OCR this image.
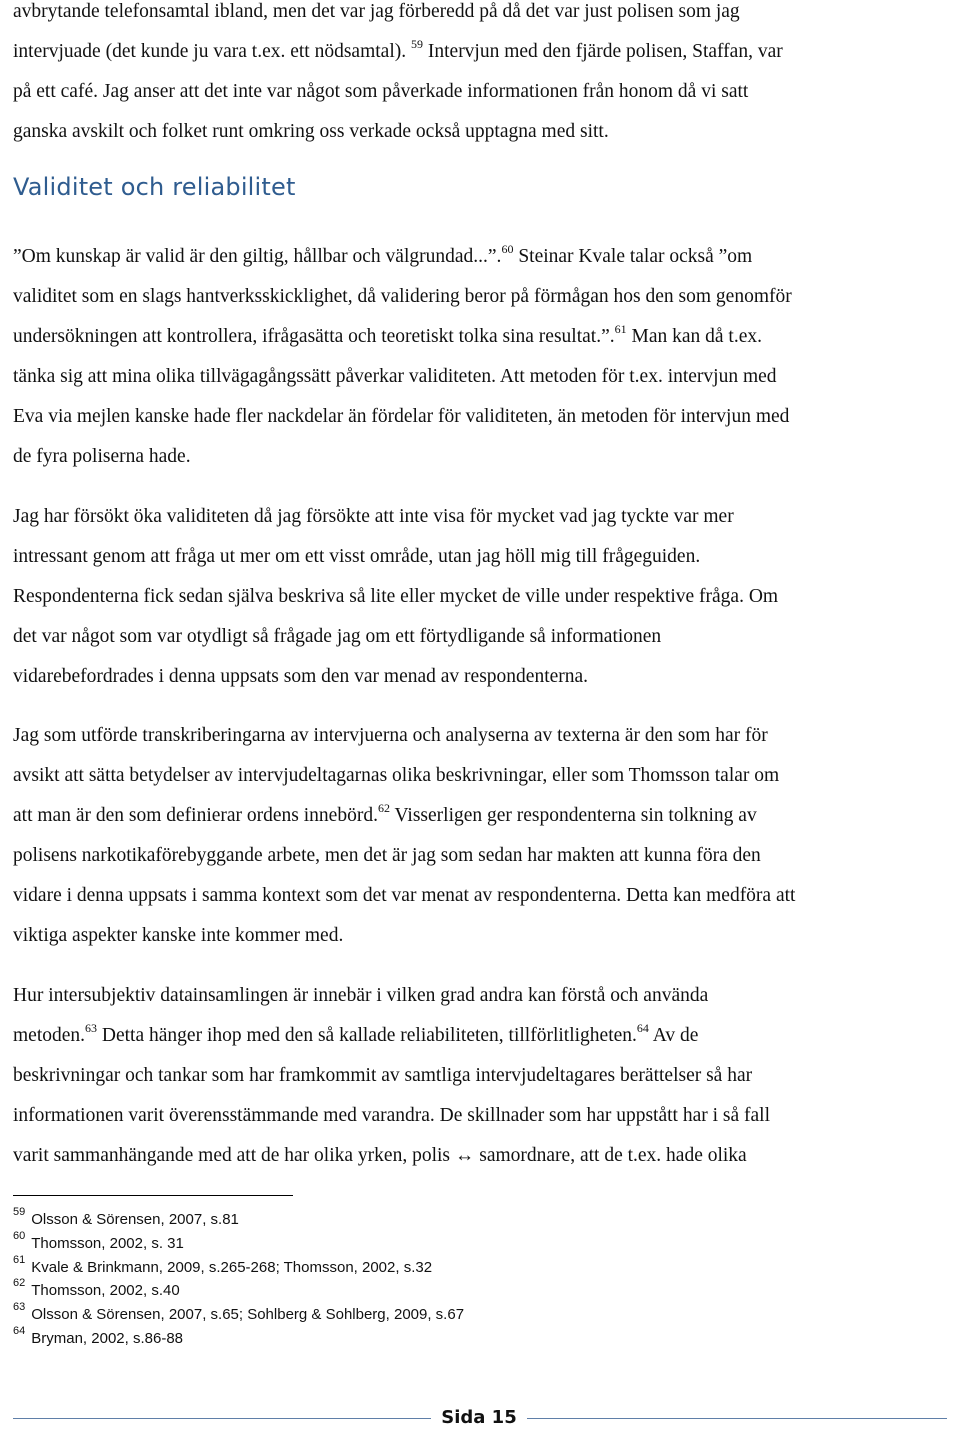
avbrytande telefonsamtal ibland, men det var jag förberedd på då det var just polisen som jag
intervjuade (det kunde ju vara t.ex. ett nödsamtal). $^{59}$ Intervjun med den fjärde polisen, Staffan, var
på ett café. Jag anser att det inte var något som påverkade informationen från honom då vi satt
ganska avskilt och folket runt omkring oss verkade också upptagna med sitt.

Validitet och reliabilitet

”Om kunskap är valid är den giltig, hållbar och välgrundad...”.$^{60}$ Steinar Kvale talar också ”om
validitet som en slags hantverksskicklighet, då validering beror på förmågan hos den som genomför
undersökningen att kontrollera, ifrågasätta och teoretiskt tolka sina resultat.”.$^{61}$ Man kan då t.ex.
tänka sig att mina olika tillvägagångssätt påverkar validiteten. Att metoden för t.ex. intervjun med
Eva via mejlen kanske hade fler nackdelar än fördelar för validiteten, än metoden för intervjun med
de fyra poliserna hade.

Jag har försökt öka validiteten då jag försökte att inte visa för mycket vad jag tyckte var mer
intressant genom att fråga ut mer om ett visst område, utan jag höll mig till frågeguiden.
Respondenterna fick sedan själva beskriva så lite eller mycket de ville under respektive fråga. Om
det var något som var otydligt så frågade jag om ett förtydligande så informationen
vidarebefordrades i denna uppsats som den var menad av respondenterna.

Jag som utförde transkriberingarna av intervjuerna och analyserna av texterna är den som har för
avsikt att sätta betydelser av intervjudeltagarnas olika beskrivningar, eller som Thomsson talar om
att man är den som definierar ordens innebörd.$^{62}$ Visserligen ger respondenterna sin tolkning av
polisens narkotikaförebyggande arbete, men det är jag som sedan har makten att kunna föra den
vidare i denna uppsats i samma kontext som det var menat av respondenterna. Detta kan medföra att
viktiga aspekter kanske inte kommer med.

Hur intersubjektiv datainsamlingen är innebär i vilken grad andra kan förstå och använda
metoden.$^{63}$ Detta hänger ihop med den så kallade reliabiliteten, tillförlitligheten.$^{64}$ Av de
beskrivningar och tankar som har framkommit av samtliga intervjudeltagares berättelser så har
informationen varit överensstämmande med varandra. De skillnader som har uppstått har i så fall
varit sammanhängande med att de har olika yrken, polis ↔ samordnare, att de t.ex. hade olika

$^{59}$ Olsson & Sörensen, 2007, s.81
$^{60}$ Thomsson, 2002, s. 31
$^{61}$ Kvale & Brinkmann, 2009, s.265-268; Thomsson, 2002, s.32
$^{62}$ Thomsson, 2002, s.40
$^{63}$ Olsson & Sörensen, 2007, s.65; Sohlberg & Sohlberg, 2009, s.67
$^{64}$ Bryman, 2002, s.86-88
Sida 15
